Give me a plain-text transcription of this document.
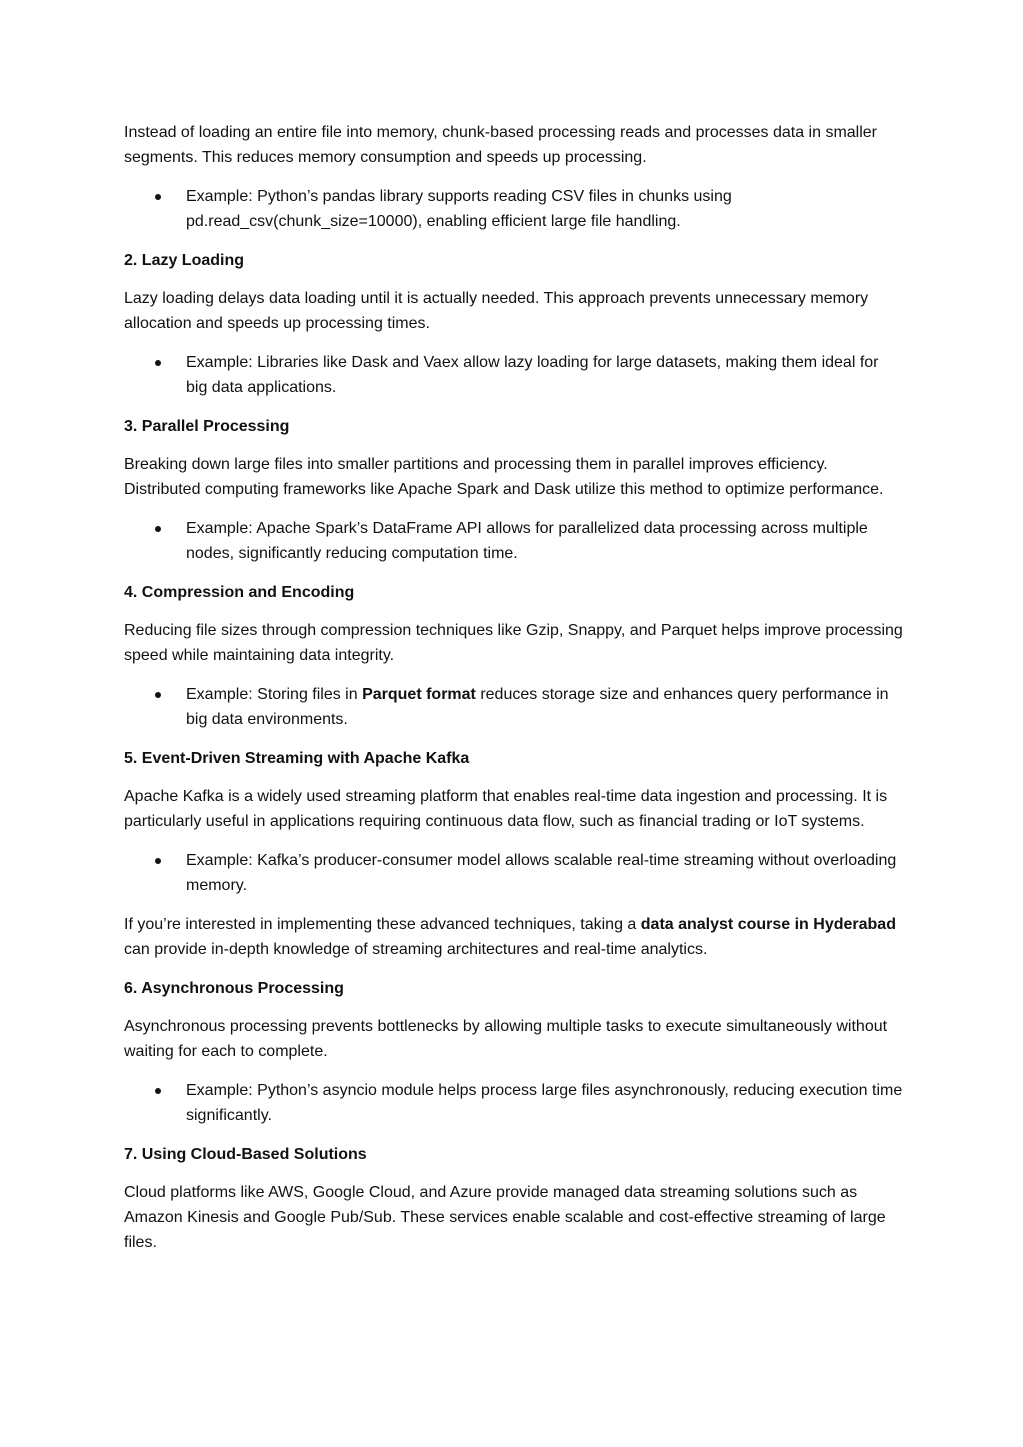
Instead of loading an entire file into memory, chunk-based processing reads and processes data in smaller segments. This reduces memory consumption and speeds up processing.

Example: Python’s pandas library supports reading CSV files in chunks using pd.read_csv(chunk_size=10000), enabling efficient large file handling.
2. Lazy Loading

Lazy loading delays data loading until it is actually needed. This approach prevents unnecessary memory allocation and speeds up processing times.

Example: Libraries like Dask and Vaex allow lazy loading for large datasets, making them ideal for big data applications.
3. Parallel Processing

Breaking down large files into smaller partitions and processing them in parallel improves efficiency. Distributed computing frameworks like Apache Spark and Dask utilize this method to optimize performance.

Example: Apache Spark’s DataFrame API allows for parallelized data processing across multiple nodes, significantly reducing computation time.
4. Compression and Encoding

Reducing file sizes through compression techniques like Gzip, Snappy, and Parquet helps improve processing speed while maintaining data integrity.

Example: Storing files in Parquet format reduces storage size and enhances query performance in big data environments.
5. Event-Driven Streaming with Apache Kafka

Apache Kafka is a widely used streaming platform that enables real-time data ingestion and processing. It is particularly useful in applications requiring continuous data flow, such as financial trading or IoT systems.

Example: Kafka’s producer-consumer model allows scalable real-time streaming without overloading memory.

If you’re interested in implementing these advanced techniques, taking a data analyst course in Hyderabad can provide in-depth knowledge of streaming architectures and real-time analytics.

6. Asynchronous Processing

Asynchronous processing prevents bottlenecks by allowing multiple tasks to execute simultaneously without waiting for each to complete.

Example: Python’s asyncio module helps process large files asynchronously, reducing execution time significantly.
7. Using Cloud-Based Solutions

Cloud platforms like AWS, Google Cloud, and Azure provide managed data streaming solutions such as Amazon Kinesis and Google Pub/Sub. These services enable scalable and cost-effective streaming of large files.
